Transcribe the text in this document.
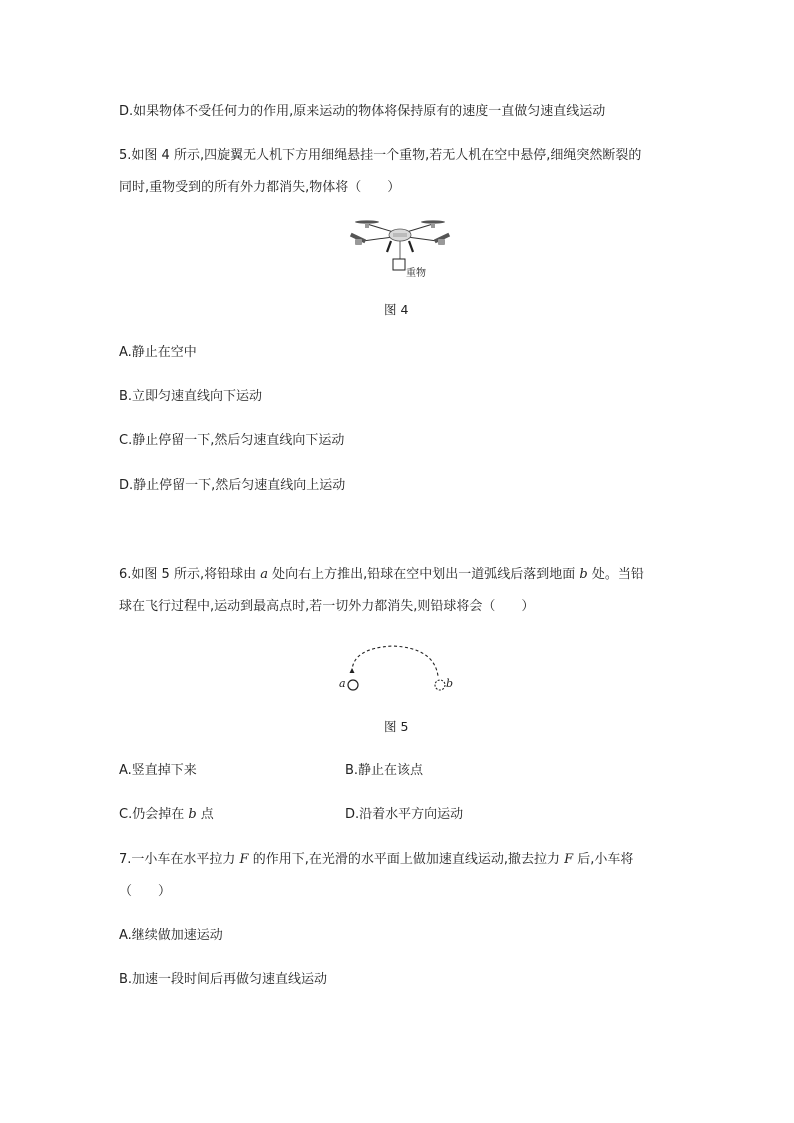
D.如果物体不受任何力的作用,原来运动的物体将保持原有的速度一直做匀速直线运动
5.如图 4 所示,四旋翼无人机下方用细绳悬挂一个重物,若无人机在空中悬停,细绳突然断裂的
同时,重物受到的所有外力都消失,物体将（　　）
重物
图 4
A.静止在空中
B.立即匀速直线向下运动
C.静止停留一下,然后匀速直线向下运动
D.静止停留一下,然后匀速直线向上运动
6.如图 5 所示,将铅球由 a 处向右上方推出,铅球在空中划出一道弧线后落到地面 b 处。当铅
球在飞行过程中,运动到最高点时,若一切外力都消失,则铅球将会（　　）
a	b
图 5
A.竖直掉下来	B.静止在该点
C.仍会掉在 b 点	D.沿着水平方向运动
7.一小车在水平拉力 F 的作用下,在光滑的水平面上做加速直线运动,撤去拉力 F 后,小车将
（　　）
A.继续做加速运动
B.加速一段时间后再做匀速直线运动
